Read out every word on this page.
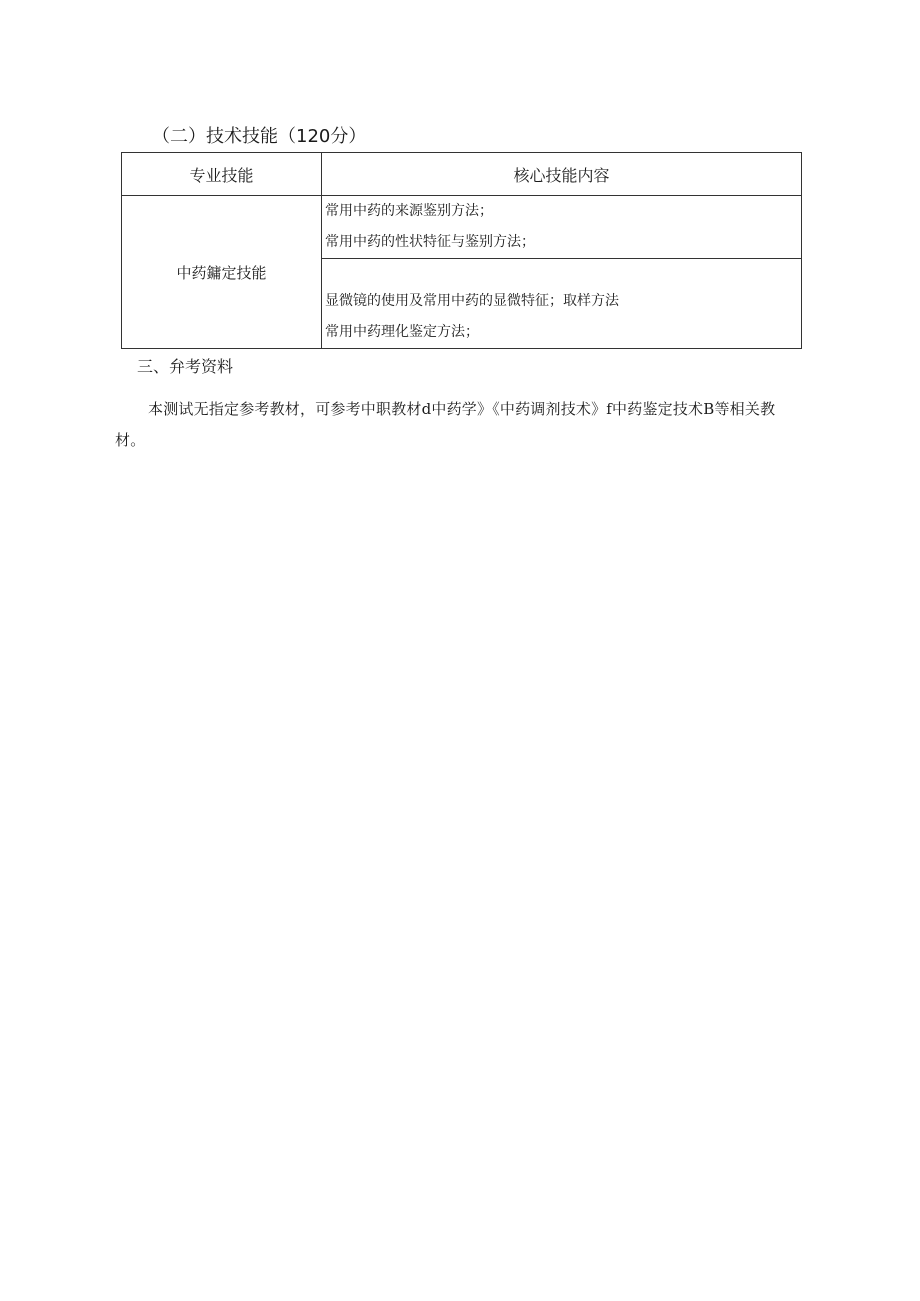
（二）技术技能（120分）
专业技能	核心技能内容
中药鏞定技能	常用中药的来源鉴别方法；
常用中药的性状特征与鉴别方法；

	显微镜的使用及常用中药的显微特征；取样方法
常用中药理化鉴定方法；
三、弁考资料
本测试无指定参考教材，可参考中职教材d中药学》《中药调剂技术》f中药鉴定技术B等相关教材。
